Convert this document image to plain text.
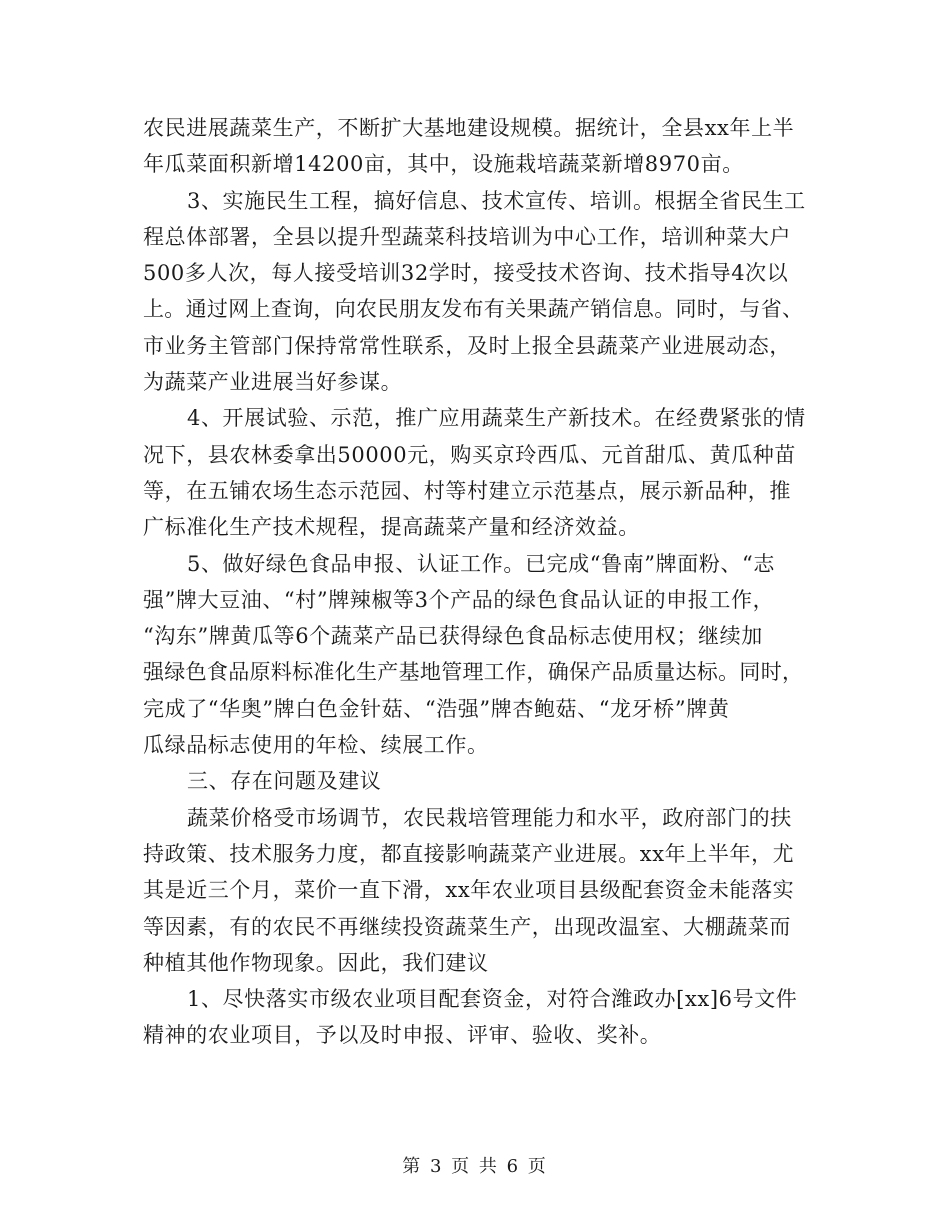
农民进展蔬菜生产，不断扩大基地建设规模。据统计，全县xx年上半
年瓜菜面积新增14200亩，其中，设施栽培蔬菜新增8970亩。
3、实施民生工程，搞好信息、技术宣传、培训。根据全省民生工
程总体部署，全县以提升型蔬菜科技培训为中心工作，培训种菜大户
500多人次，每人接受培训32学时，接受技术咨询、技术指导4次以
上。通过网上查询，向农民朋友发布有关果蔬产销信息。同时，与省、
市业务主管部门保持常常性联系，及时上报全县蔬菜产业进展动态，
为蔬菜产业进展当好参谋。
4、开展试验、示范，推广应用蔬菜生产新技术。在经费紧张的情
况下，县农林委拿出50000元，购买京玲西瓜、元首甜瓜、黄瓜种苗
等，在五铺农场生态示范园、村等村建立示范基点，展示新品种，推
广标准化生产技术规程，提高蔬菜产量和经济效益。
5、做好绿色食品申报、认证工作。已完成“鲁南”牌面粉、“志
强”牌大豆油、“村”牌辣椒等3个产品的绿色食品认证的申报工作，
“沟东”牌黄瓜等6个蔬菜产品已获得绿色食品标志使用权；继续加
强绿色食品原料标准化生产基地管理工作，确保产品质量达标。同时，
完成了“华奥”牌白色金针菇、“浩强”牌杏鲍菇、“龙牙桥”牌黄
瓜绿品标志使用的年检、续展工作。
三、存在问题及建议
蔬菜价格受市场调节，农民栽培管理能力和水平，政府部门的扶
持政策、技术服务力度，都直接影响蔬菜产业进展。xx年上半年，尤
其是近三个月，菜价一直下滑，xx年农业项目县级配套资金未能落实
等因素，有的农民不再继续投资蔬菜生产，出现改温室、大棚蔬菜而
种植其他作物现象。因此，我们建议
1、尽快落实市级农业项目配套资金，对符合潍政办[xx]6号文件
精神的农业项目，予以及时申报、评审、验收、奖补。
第 3 页 共 6 页
